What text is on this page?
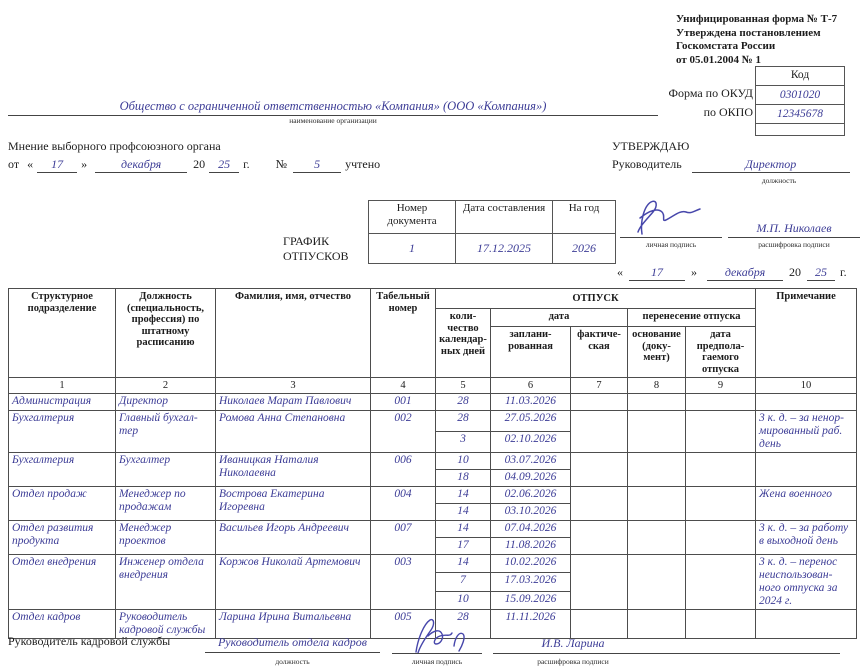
Унифицированная форма № Т-7
Утверждена постановлением
Госкомстата России
от 05.01.2004 № 1
Форма по ОКУД
по ОКПО
Код
0301020
12345678
Общество с ограниченной ответственностью «Компания» (ООО «Компания»)
наименование организации
Мнение выборного профсоюзного органа
от «	17	»	декабря	20	25	г. №	5	учтено
УТВЕРЖДАЮ
Руководитель	Директор
должность
личная подпись
М.П. Николаев
расшифровка подписи
«	17	»	декабря	20	25	г.
ГРАФИК
ОТПУСКОВ
Номер документа	Дата составления	На год
1	17.12.2025	2026
Структурное подразделение	Должность (специальность, профессия) по штатному расписанию	Фамилия, имя, отчество	Табельный номер	ОТПУСК					Примечание
				коли- чество календар- ных дней	дата		перенесение отпуска		
					заплани- рованная	фактиче- ская	основание (доку- мент)	дата предпола- гаемого отпуска	
1	2	3	4	5	6	7	8	9	10
Администрация	Директор	Николаев Марат Павлович	001	28	11.03.2026				
Бухгалтерия	Главный бухгал- тер	Ромова Анна Степановна	002	28	27.05.2026				3 к. д. – за ненор- мированный раб. день
				3	02.10.2026				
Бухгалтерия	Бухгалтер	Иваницкая Наталия Николаевна	006	10	03.07.2026				
				18	04.09.2026				
Отдел продаж	Менеджер по продажам	Вострова Екатерина Игоревна	004	14	02.06.2026				Жена военного
				14	03.10.2026				
Отдел развития продукта	Менеджер проектов	Васильев Игорь Андреевич	007	14	07.04.2026				3 к. д. – за работу в выходной день
				17	11.08.2026				
Отдел внедрения	Инженер отдела внедрения	Коржов Николай Артемович	003	14	10.02.2026				3 к. д. – перенос неиспользован- ного отпуска за 2024 г.
				7	17.03.2026				
				10	15.09.2026				
Отдел кадров	Руководитель кадровой службы	Ларина Ирина Витальевна	005	28	11.11.2026				
Руководитель кадровой службы	Руководитель отдела кадров
должность	личная подпись
И.В. Ларина
расшифровка подписи
